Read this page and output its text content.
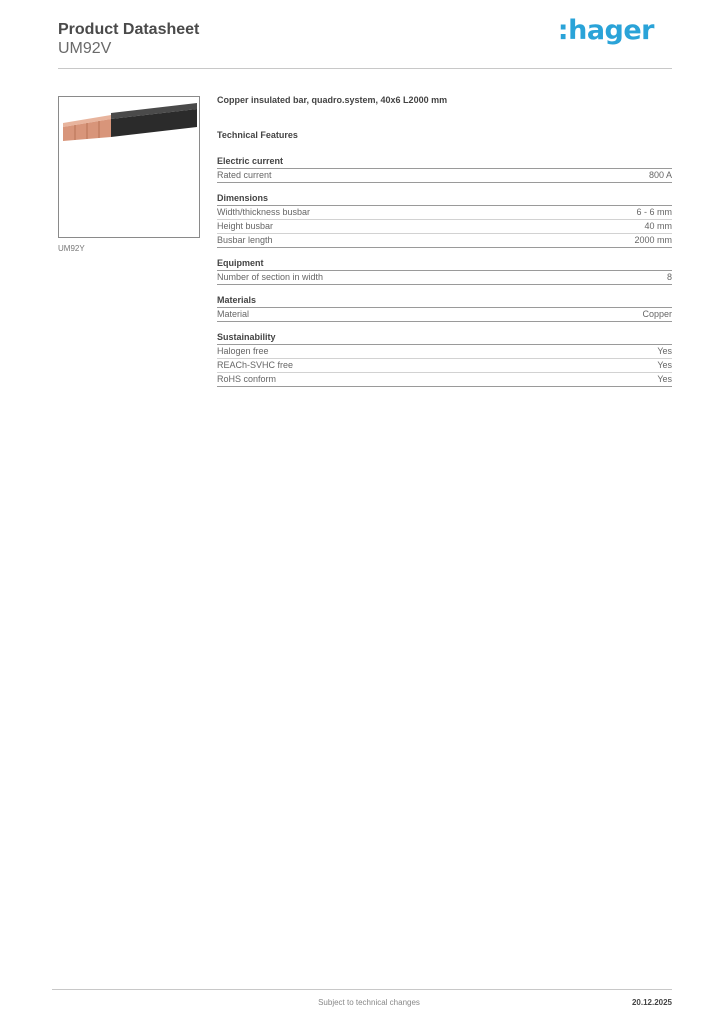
Product Datasheet
UM92V
:hager
UM92Y
Copper insulated bar, quadro.system, 40x6 L2000 mm
Technical Features
Electric current
Rated current	800 A
Dimensions
Width/thickness busbar	6 - 6 mm
Height busbar	40 mm
Busbar length	2000 mm
Equipment
Number of section in width	8
Materials
Material	Copper
Sustainability
Halogen free	Yes
REACh-SVHC free	Yes
RoHS conform	Yes
Subject to technical changes	20.12.2025
